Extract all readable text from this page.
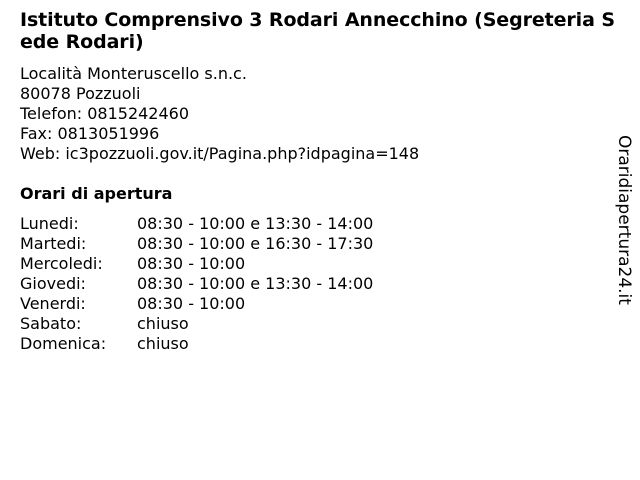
Istituto Comprensivo 3 Rodari Annecchino (Segreteria Sede Rodari)
Località Monteruscello s.n.c.
80078 Pozzuoli
Telefon: 0815242460
Fax: 0813051996
Web: ic3pozzuoli.gov.it/Pagina.php?idpagina=148
Orari di apertura
Lunedi:	08:30 - 10:00 e 13:30 - 14:00
Martedi:	08:30 - 10:00 e 16:30 - 17:30
Mercoledi:	08:30 - 10:00
Giovedi:	08:30 - 10:00 e 13:30 - 14:00
Venerdi:	08:30 - 10:00
Sabato:	chiuso
Domenica:	chiuso
Oraridiapertura24.it
